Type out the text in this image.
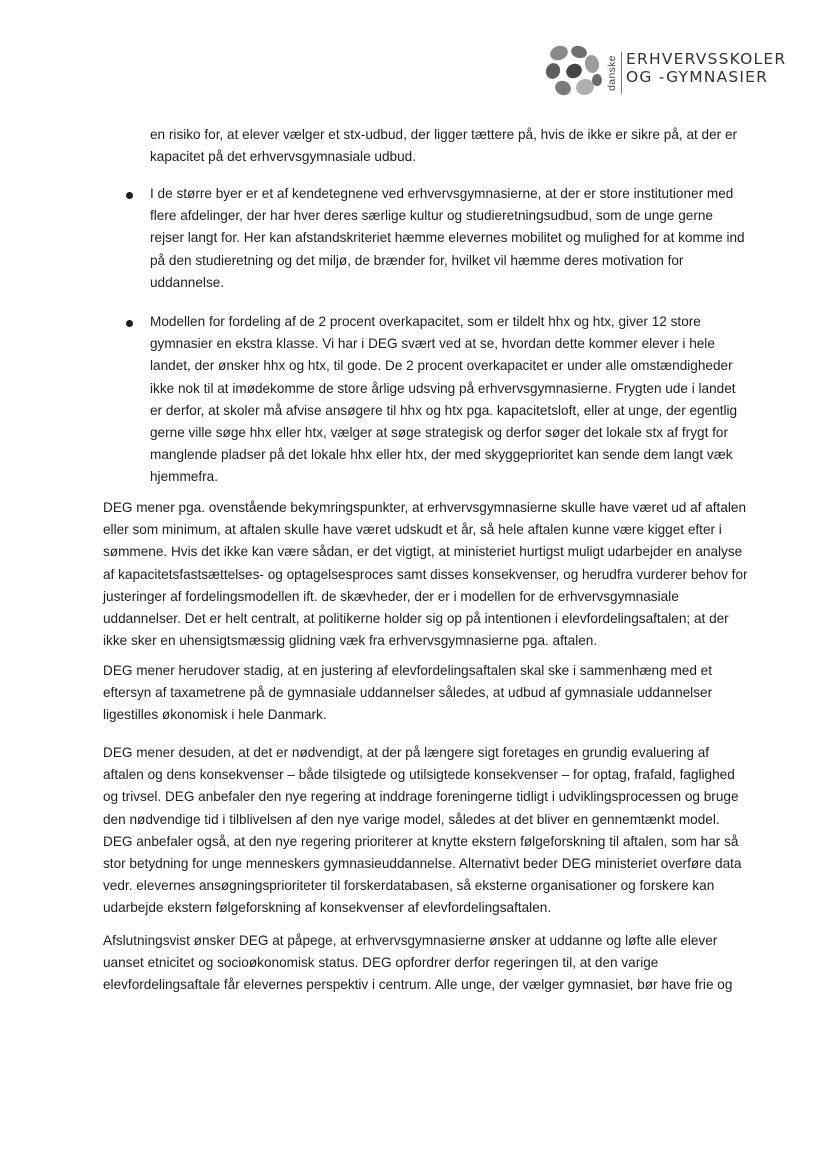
danske ERHVERVSSKOLER
OG -GYMNASIER

en risiko for, at elever vælger et stx-udbud, der ligger tættere på, hvis de ikke er sikre på, at der er kapacitet på det erhvervsgymnasiale udbud.

I de større byer er et af kendetegnene ved erhvervsgymnasierne, at der er store institutioner med flere afdelinger, der har hver deres særlige kultur og studieretningsudbud, som de unge gerne rejser langt for. Her kan afstandskriteriet hæmme elevernes mobilitet og mulighed for at komme ind på den studieretning og det miljø, de brænder for, hvilket vil hæmme deres motivation for uddannelse.

Modellen for fordeling af de 2 procent overkapacitet, som er tildelt hhx og htx, giver 12 store gymnasier en ekstra klasse. Vi har i DEG svært ved at se, hvordan dette kommer elever i hele landet, der ønsker hhx og htx, til gode. De 2 procent overkapacitet er under alle omstændigheder ikke nok til at imødekomme de store årlige udsving på erhvervsgymnasierne. Frygten ude i landet er derfor, at skoler må afvise ansøgere til hhx og htx pga. kapacitetsloft, eller at unge, der egentlig gerne ville søge hhx eller htx, vælger at søge strategisk og derfor søger det lokale stx af frygt for manglende pladser på det lokale hhx eller htx, der med skyggeprioritet kan sende dem langt væk hjemmefra.

DEG mener pga. ovenstående bekymringspunkter, at erhvervsgymnasierne skulle have været ud af aftalen eller som minimum, at aftalen skulle have været udskudt et år, så hele aftalen kunne være kigget efter i sømmene. Hvis det ikke kan være sådan, er det vigtigt, at ministeriet hurtigst muligt udarbejder en analyse af kapacitetsfastsættelses- og optagelsesproces samt disses konsekvenser, og herudfra vurderer behov for justeringer af fordelingsmodellen ift. de skævheder, der er i modellen for de erhvervsgymnasiale uddannelser. Det er helt centralt, at politikerne holder sig op på intentionen i elevfordelingsaftalen; at der ikke sker en uhensigtsmæssig glidning væk fra erhvervsgymnasierne pga. aftalen.

DEG mener herudover stadig, at en justering af elevfordelingsaftalen skal ske i sammenhæng med et eftersyn af taxametrene på de gymnasiale uddannelser således, at udbud af gymnasiale uddannelser ligestilles økonomisk i hele Danmark.

DEG mener desuden, at det er nødvendigt, at der på længere sigt foretages en grundig evaluering af aftalen og dens konsekvenser – både tilsigtede og utilsigtede konsekvenser – for optag, frafald, faglighed og trivsel. DEG anbefaler den nye regering at inddrage foreningerne tidligt i udviklingsprocessen og bruge den nødvendige tid i tilblivelsen af den nye varige model, således at det bliver en gennemtænkt model. DEG anbefaler også, at den nye regering prioriterer at knytte ekstern følgeforskning til aftalen, som har så stor betydning for unge menneskers gymnasieuddannelse. Alternativt beder DEG ministeriet overføre data vedr. elevernes ansøgningsprioriteter til forskerdatabasen, så eksterne organisationer og forskere kan udarbejde ekstern følgeforskning af konsekvenser af elevfordelingsaftalen.

Afslutningsvist ønsker DEG at påpege, at erhvervsgymnasierne ønsker at uddanne og løfte alle elever uanset etnicitet og socioøkonomisk status. DEG opfordrer derfor regeringen til, at den varige elevfordelingsaftale får elevernes perspektiv i centrum. Alle unge, der vælger gymnasiet, bør have frie og
